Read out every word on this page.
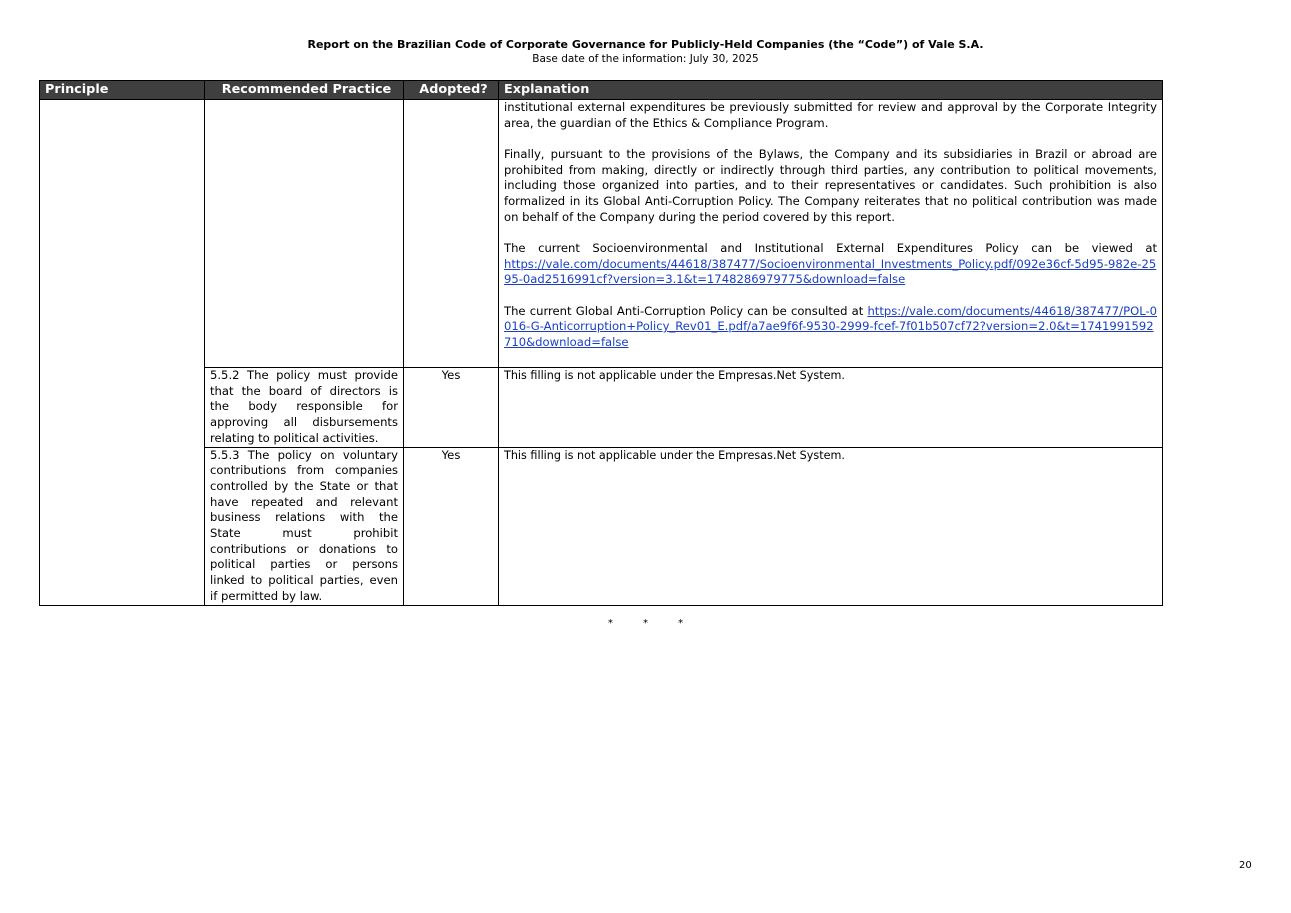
Report on the Brazilian Code of Corporate Governance for Publicly-Held Companies (the “Code”) of Vale S.A.
Base date of the information: July 30, 2025
Principle	Recommended Practice	Adopted?	Explanation

			institutional external expenditures be previously submitted for review and approval by the Corporate Integrity area, the guardian of the Ethics & Compliance Program.

Finally, pursuant to the provisions of the Bylaws, the Company and its subsidiaries in Brazil or abroad are prohibited from making, directly or indirectly through third parties, any contribution to political movements, including those organized into parties, and to their representatives or candidates. Such prohibition is also formalized in its Global Anti-Corruption Policy. The Company reiterates that no political contribution was made on behalf of the Company during the period covered by this report.

The current Socioenvironmental and Institutional External Expenditures Policy can be viewed at
https://vale.com/documents/44618/387477/Socioenvironmental_Investments_Policy.pdf/092e36cf-5d95-982e-2595-0ad2516991cf?version=3.1&t=1748286979775&download=false

The current Global Anti-Corruption Policy can be consulted at https://vale.com/documents/44618/387477/POL-0016-G-Anticorruption+Policy_Rev01_E.pdf/a7ae9f6f-9530-2999-fcef-7f01b507cf72?version=2.0&t=1741991592710&download=false

	5.5.2 The policy must provide that the board of directors is the body responsible for approving all disbursements relating to political activities.	Yes	This filling is not applicable under the Empresas.Net System.

	5.5.3 The policy on voluntary contributions from companies controlled by the State or that have repeated and relevant business relations with the State must prohibit contributions or donations to political parties or persons linked to political parties, even if permitted by law.	Yes	This filling is not applicable under the Empresas.Net System.

* * *
20
